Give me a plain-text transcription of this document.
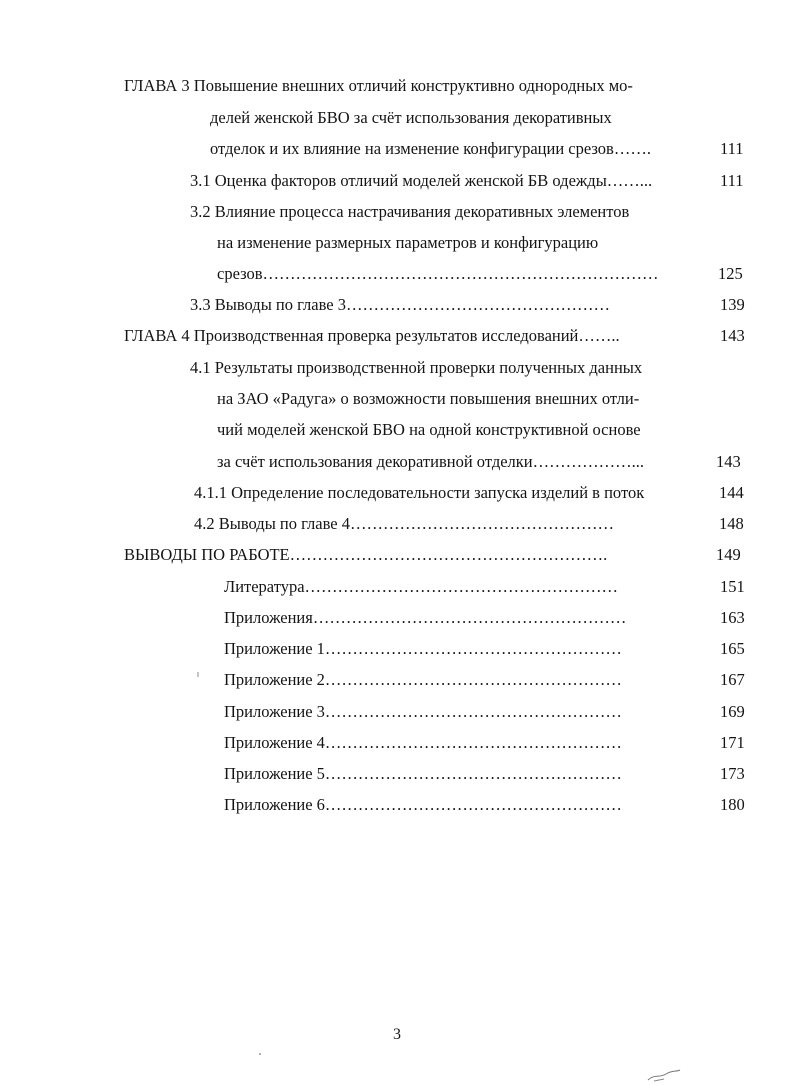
ГЛАВА 3 Повышение внешних отличий конструктивно однородных мо-
делей женской БВО за счёт использования декоративных
отделок и их влияние на изменение конфигурации срезов…….	111
3.1 Оценка факторов отличий моделей женской БВ одежды……...	111
3.2 Влияние процесса настрачивания декоративных элементов
на изменение размерных параметров и конфигурацию
срезов………………………………………………………………	125
3.3 Выводы по главе 3…………………………………………	139
ГЛАВА 4 Производственная проверка результатов исследований……..	143
4.1 Результаты производственной проверки полученных данных
на ЗАО «Радуга» о возможности повышения внешних отли-
чий моделей женской БВО на одной конструктивной основе
за счёт использования декоративной отделки………………...	143
4.1.1 Определение последовательности запуска изделий в поток	144
4.2 Выводы по главе 4…………………………………………	148
ВЫВОДЫ ПО РАБОТЕ………………………………………………….	149
Литература…………………………………………………	151
Приложения…………………………………………………	163
Приложение 1………………………………………………	165
Приложение 2………………………………………………	167
Приложение 3………………………………………………	169
Приложение 4………………………………………………	171
Приложение 5………………………………………………	173
Приложение 6………………………………………………	180
3
